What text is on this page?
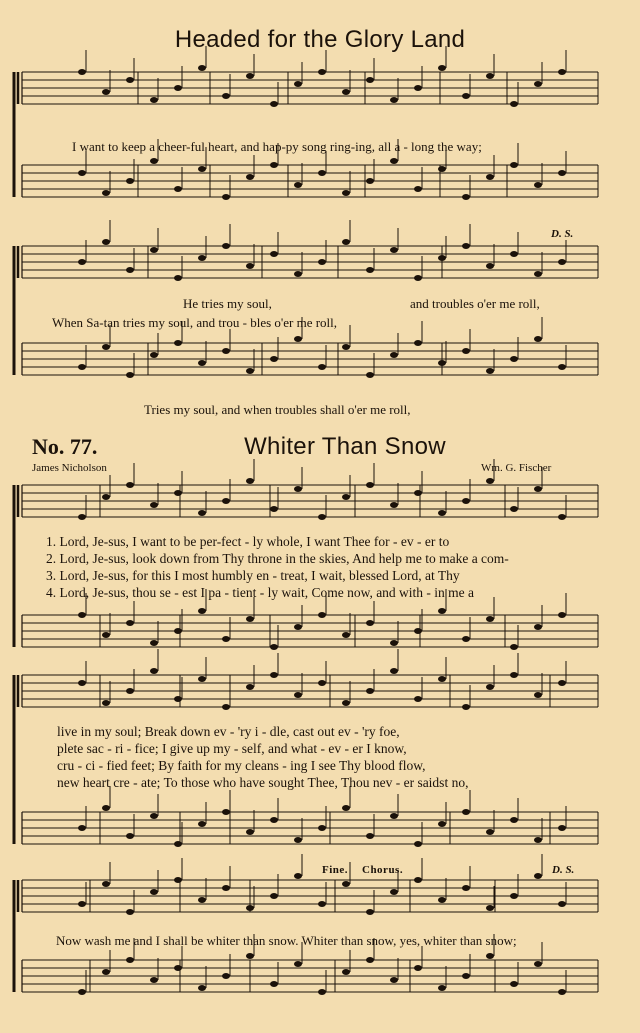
Headed for the Glory Land
I want to keep a cheer-ful heart, and hap-py song ring-ing, all a - long the way;
D. S.
He tries my soul,	and troubles o'er me roll,
When Sa-tan tries my soul, and trou - bles o'er me roll,
Tries my soul, and when troubles shall o'er me roll,
No. 77.	Whiter Than Snow
James Nicholson	Wm. G. Fischer
1. Lord, Je-sus, I want to be per-fect - ly whole, I want Thee for - ev - er to
2. Lord, Je-sus, look down from Thy throne in the skies, And help me to make a com-
3. Lord, Je-sus, for this I most humbly en - treat, I wait, blessed Lord, at Thy
4. Lord, Je-sus, thou se - est I pa - tient - ly wait, Come now, and with - in me a
live in my soul; Break down ev - 'ry i - dle, cast out ev - 'ry foe,
plete sac - ri - fice; I give up my - self, and what - ev - er I know,
cru - ci - fied feet; By faith for my cleans - ing I see Thy blood flow,
new heart cre - ate; To those who have sought Thee, Thou nev - er saidst no,
Fine. Chorus.	D. S.
Now wash me and I shall be whiter than snow. Whiter than snow, yes, whiter than snow;
